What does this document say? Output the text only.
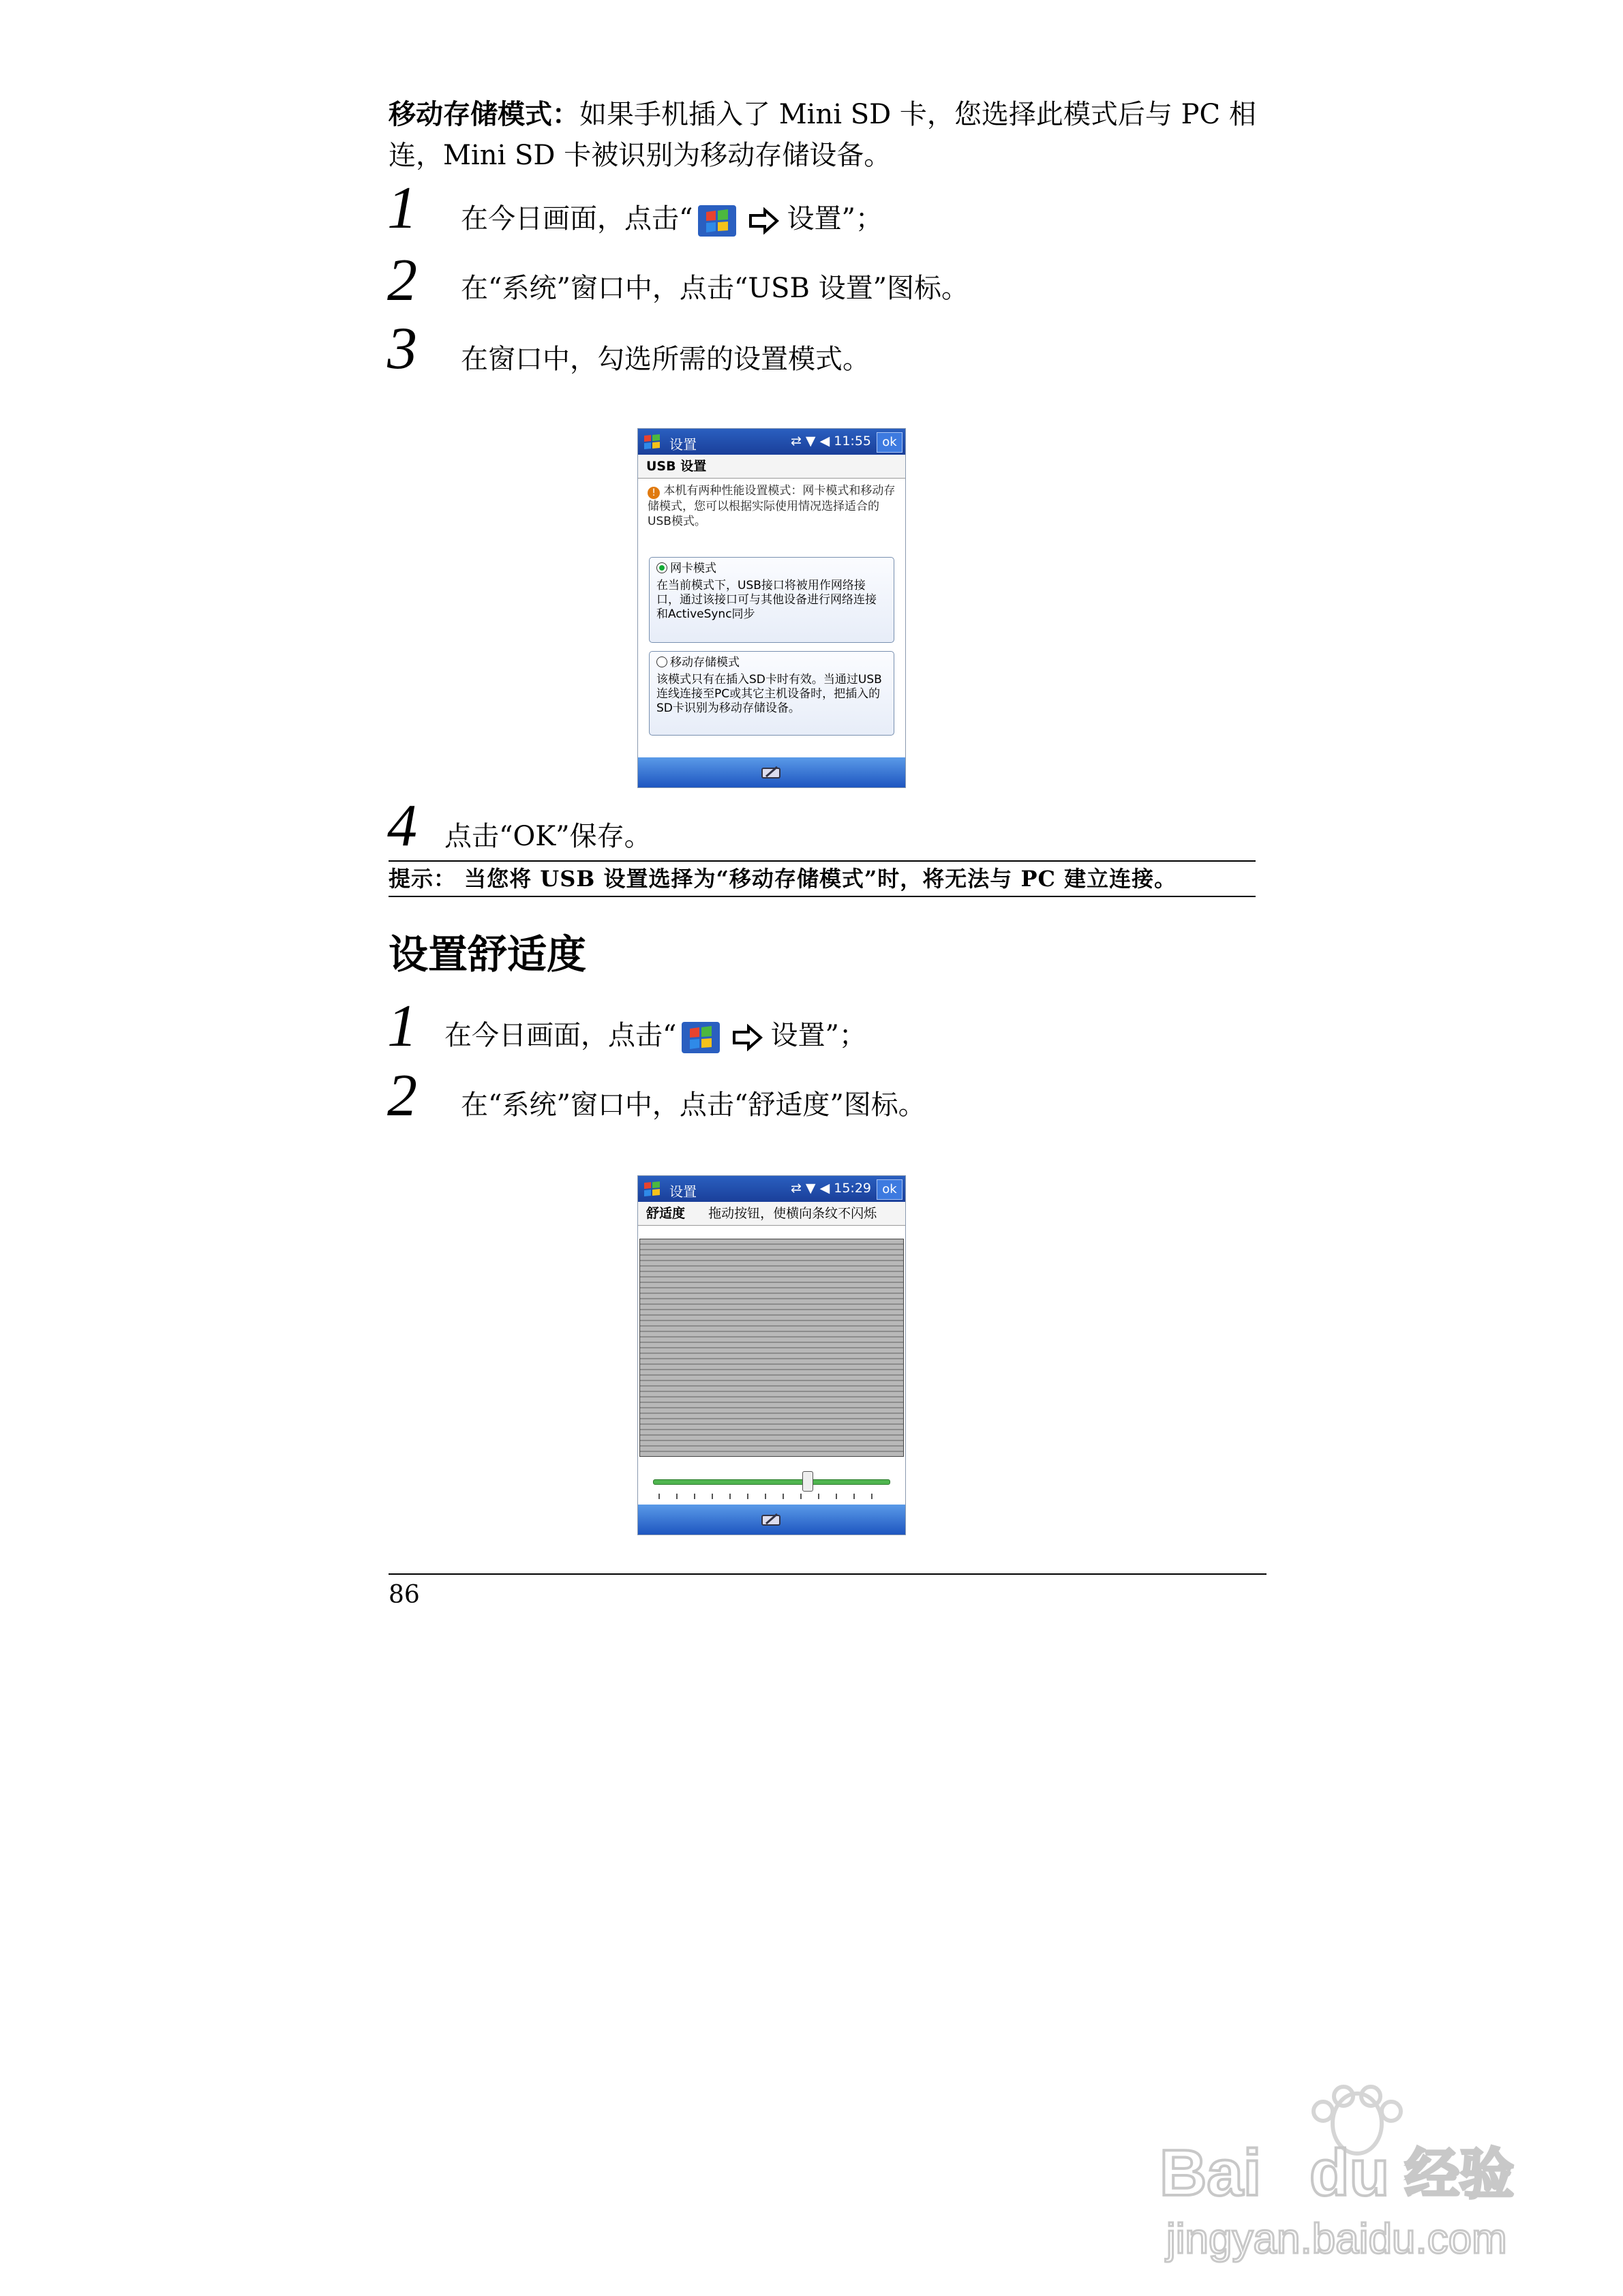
移动存储模式：如果手机插入了 Mini SD 卡，您选择此模式后与 PC 相连，Mini SD 卡被识别为移动存储设备。
1 在今日画面，点击“	设置”；
2 在“系统”窗口中，点击“USB 设置”图标。
3 在窗口中，勾选所需的设置模式。
设置	⇄ ▼ ◀ 11:55 ok
USB 设置
! 本机有两种性能设置模式：网卡模式和移动存储模式，您可以根据实际使用情况选择适合的USB模式。
网卡模式
在当前模式下，USB接口将被用作网络接口，通过该接口可与其他设备进行网络连接和ActiveSync同步
移动存储模式
该模式只有在插入SD卡时有效。当通过USB 连线连接至PC或其它主机设备时，把插入的SD卡识别为移动存储设备。
4 点击“OK”保存。
提示： 当您将 USB 设置选择为“移动存储模式”时，将无法与 PC 建立连接。
设置舒适度
1 在今日画面，点击“	设置”；
2 在“系统”窗口中，点击“舒适度”图标。
设置	⇄ ▼ ◀ 15:29 ok
舒适度 拖动按钮，使横向条纹不闪烁
86
Bai du 经验
jingyan.baidu.com
